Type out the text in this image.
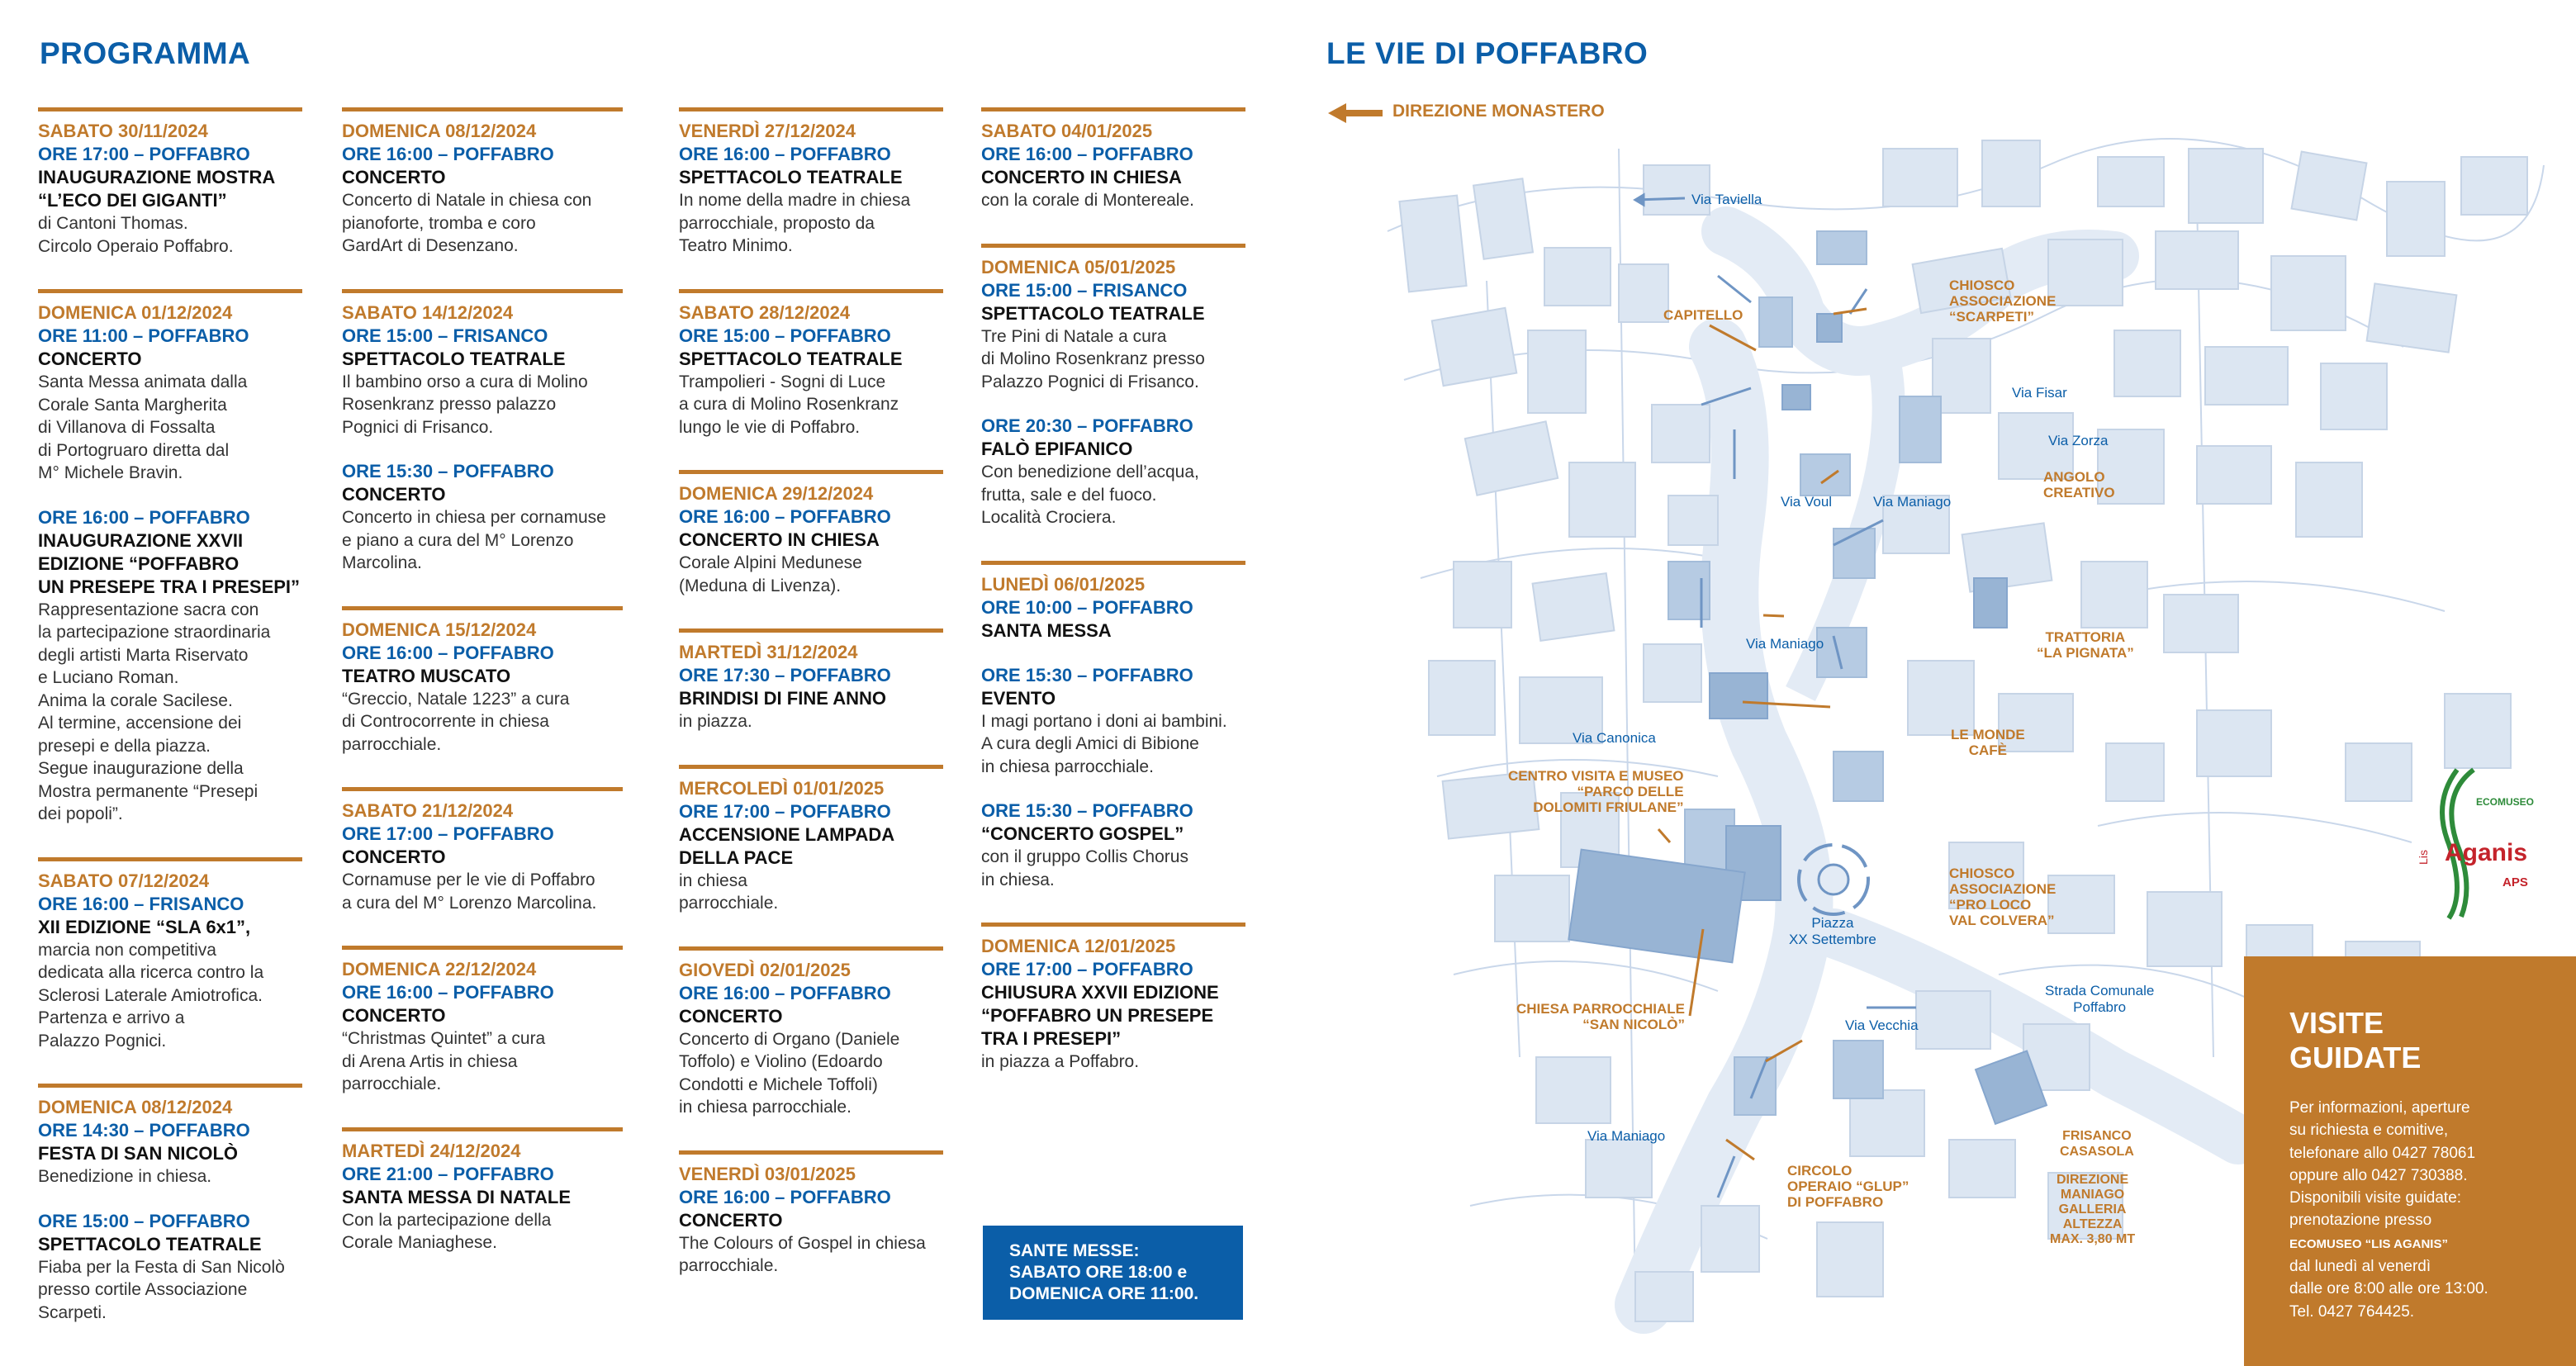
PROGRAMMA
SABATO 30/11/2024
ORE 17:00 – POFFABRO
INAUGURAZIONE MOSTRA
“L’ECO DEI GIGANTI”
di Cantoni Thomas.
Circolo Operaio Poffabro.
DOMENICA 01/12/2024
ORE 11:00 – POFFABRO
CONCERTO
Santa Messa animata dalla
Corale Santa Margherita
di Villanova di Fossalta
di Portogruaro diretta dal
M° Michele Bravin.
ORE 16:00 – POFFABRO
INAUGURAZIONE XXVII
EDIZIONE “POFFABRO
UN PRESEPE TRA I PRESEPI”
Rappresentazione sacra con
la partecipazione straordinaria
degli artisti Marta Riservato
e Luciano Roman.
Anima la corale Sacilese.
Al termine, accensione dei
presepi e della piazza.
Segue inaugurazione della
Mostra permanente “Presepi
dei popoli”.
SABATO 07/12/2024
ORE 16:00 – FRISANCO
XII EDIZIONE “SLA 6x1”,
marcia non competitiva
dedicata alla ricerca contro la
Sclerosi Laterale Amiotrofica.
Partenza e arrivo a
Palazzo Pognici.
DOMENICA 08/12/2024
ORE 14:30 – POFFABRO
FESTA DI SAN NICOLÒ
Benedizione in chiesa.
ORE 15:00 – POFFABRO
SPETTACOLO TEATRALE
Fiaba per la Festa di San Nicolò
presso cortile Associazione
Scarpeti.
DOMENICA 08/12/2024
ORE 16:00 – POFFABRO
CONCERTO
Concerto di Natale in chiesa con
pianoforte, tromba e coro
GardArt di Desenzano.
SABATO 14/12/2024
ORE 15:00 – FRISANCO
SPETTACOLO TEATRALE
Il bambino orso a cura di Molino
Rosenkranz presso palazzo
Pognici di Frisanco.
ORE 15:30 – POFFABRO
CONCERTO
Concerto in chiesa per cornamuse
e piano a cura del M° Lorenzo
Marcolina.
DOMENICA 15/12/2024
ORE 16:00 – POFFABRO
TEATRO MUSCATO
“Greccio, Natale 1223” a cura
di Controcorrente in chiesa
parrocchiale.
SABATO 21/12/2024
ORE 17:00 – POFFABRO
CONCERTO
Cornamuse per le vie di Poffabro
a cura del M° Lorenzo Marcolina.
DOMENICA 22/12/2024
ORE 16:00 – POFFABRO
CONCERTO
“Christmas Quintet” a cura
di Arena Artis in chiesa
parrocchiale.
MARTEDÌ 24/12/2024
ORE 21:00 – POFFABRO
SANTA MESSA DI NATALE
Con la partecipazione della
Corale Maniaghese.
VENERDÌ 27/12/2024
ORE 16:00 – POFFABRO
SPETTACOLO TEATRALE
In nome della madre in chiesa
parrocchiale, proposto da
Teatro Minimo.
SABATO 28/12/2024
ORE 15:00 – POFFABRO
SPETTACOLO TEATRALE
Trampolieri - Sogni di Luce
a cura di Molino Rosenkranz
lungo le vie di Poffabro.
DOMENICA 29/12/2024
ORE 16:00 – POFFABRO
CONCERTO IN CHIESA
Corale Alpini Medunese
(Meduna di Livenza).
MARTEDÌ 31/12/2024
ORE 17:30 – POFFABRO
BRINDISI DI FINE ANNO
in piazza.
MERCOLEDÌ 01/01/2025
ORE 17:00 – POFFABRO
ACCENSIONE LAMPADA
DELLA PACE
in chiesa
parrocchiale.
GIOVEDÌ 02/01/2025
ORE 16:00 – POFFABRO
CONCERTO
Concerto di Organo (Daniele
Toffolo) e Violino (Edoardo
Condotti e Michele Toffoli)
in chiesa parrocchiale.
VENERDÌ 03/01/2025
ORE 16:00 – POFFABRO
CONCERTO
The Colours of Gospel in chiesa
parrocchiale.
SABATO 04/01/2025
ORE 16:00 – POFFABRO
CONCERTO IN CHIESA
con la corale di Montereale.
DOMENICA 05/01/2025
ORE 15:00 – FRISANCO
SPETTACOLO TEATRALE
Tre Pini di Natale a cura
di Molino Rosenkranz presso
Palazzo Pognici di Frisanco.
ORE 20:30 – POFFABRO
FALÒ EPIFANICO
Con benedizione dell’acqua,
frutta, sale e del fuoco.
Località Crociera.
LUNEDÌ 06/01/2025
ORE 10:00 – POFFABRO
SANTA MESSA
ORE 15:30 – POFFABRO
EVENTO
I magi portano i doni ai bambini.
A cura degli Amici di Bibione
in chiesa parrocchiale.
ORE 15:30 – POFFABRO
“CONCERTO GOSPEL”
con il gruppo Collis Chorus
in chiesa.
DOMENICA 12/01/2025
ORE 17:00 – POFFABRO
CHIUSURA XXVII EDIZIONE
“POFFABRO UN PRESEPE
TRA I PRESEPI”
in piazza a Poffabro.
SANTE MESSE:
SABATO ORE 18:00 e
DOMENICA ORE 11:00.
LE VIE DI POFFABRO
DIREZIONE MONASTERO
Via Taviella
Via Fisar
Via Zorza
Via Voul	Via Maniago
Via Maniago
Via Canonica
Piazza
XX Settembre
Via Vecchia
Strada Comunale
Poffabro
Via Maniago
CAPITELLO
CHIOSCO
ASSOCIAZIONE
“SCARPETI”
ANGOLO
CREATIVO
TRATTORIA
“LA PIGNATA”
LE MONDE
CAFÈ
CENTRO VISITA E MUSEO
“PARCO DELLE
DOLOMITI FRIULANE”
CHIOSCO
ASSOCIAZIONE
“PRO LOCO
VAL COLVERA”
CHIESA PARROCCHIALE
“SAN NICOLÒ”
CIRCOLO
OPERAIO “GLUP”
DI POFFABRO
FRISANCO
CASASOLA
DIREZIONE
MANIAGO
GALLERIA
ALTEZZA
MAX. 3,80 MT
ECOMUSEO
Lis Aganis
APS
VISITE
GUIDATE
Per informazioni, aperture
su richiesta e comitive,
telefonare allo 0427 78061
oppure allo 0427 730388.
Disponibili visite guidate:
prenotazione presso
ECOMUSEO “LIS AGANIS”
dal lunedì al venerdì
dalle ore 8:00 alle ore 13:00.
Tel. 0427 764425.
